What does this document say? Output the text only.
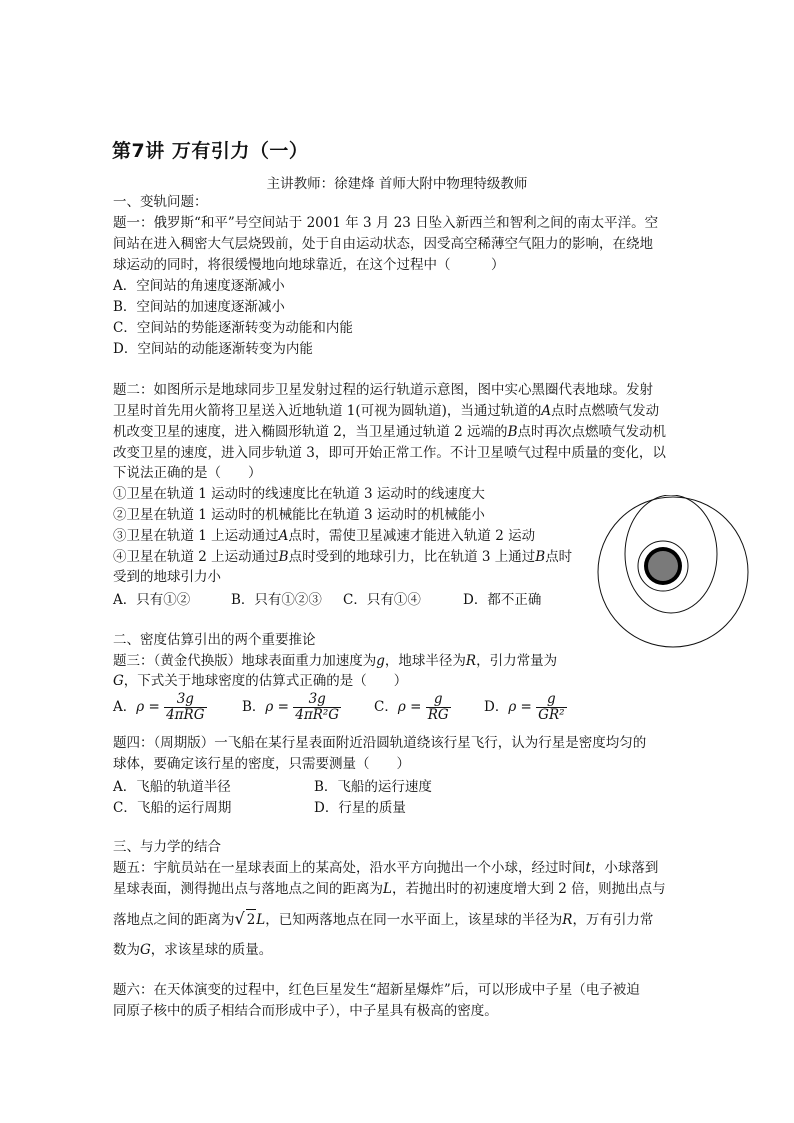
第7讲 万有引力（一）
主讲教师：徐建烽 首师大附中物理特级教师
一、变轨问题：
题一：俄罗斯“和平”号空间站于 2001 年 3 月 23 日坠入新西兰和智利之间的南太平洋。空
间站在进入稠密大气层烧毁前，处于自由运动状态，因受高空稀薄空气阻力的影响，在绕地
球运动的同时，将很缓慢地向地球靠近，在这个过程中（　　　）
A．空间站的角速度逐渐减小
B．空间站的加速度逐渐减小
C．空间站的势能逐渐转变为动能和内能
D．空间站的动能逐渐转变为内能
题二：如图所示是地球同步卫星发射过程的运行轨道示意图，图中实心黑圈代表地球。发射
卫星时首先用火箭将卫星送入近地轨道 1(可视为圆轨道)，当通过轨道的A点时点燃喷气发动
机改变卫星的速度，进入椭圆形轨道 2，当卫星通过轨道 2 远端的B点时再次点燃喷气发动机
改变卫星的速度，进入同步轨道 3，即可开始正常工作。不计卫星喷气过程中质量的变化，以
下说法正确的是（　　）
①卫星在轨道 1 运动时的线速度比在轨道 3 运动时的线速度大
②卫星在轨道 1 运动时的机械能比在轨道 3 运动时的机械能小
③卫星在轨道 1 上运动通过A点时，需使卫星减速才能进入轨道 2 运动
④卫星在轨道 2 上运动通过B点时受到的地球引力，比在轨道 3 上通过B点时
受到的地球引力小
A．只有①②	B．只有①②③ C．只有①④	D．都不正确
二、密度估算引出的两个重要推论
题三：（黄金代换版）地球表面重力加速度为g，地球半径为R，引力常量为
G，下式关于地球密度的估算式正确的是（　　）
A．$\rho = \frac{3g}{\text{4πRG}}$	B．$\rho = \frac{3g}{\text{4πR²G}}$ C．$\rho = \frac{g}{RG}$ D．$\rho = \frac{g}{\text{GR²}}$
题四：（周期版）一飞船在某行星表面附近沿圆轨道绕该行星飞行，认为行星是密度均匀的
球体，要确定该行星的密度，只需要测量（　　）
A．飞船的轨道半径	B．飞船的运行速度
C．飞船的运行周期	D．行星的质量
三、与力学的结合
题五：宇航员站在一星球表面上的某高处，沿水平方向抛出一个小球，经过时间t，小球落到
星球表面，测得抛出点与落地点之间的距离为L，若抛出时的初速度增大到 2 倍，则抛出点与
落地点之间的距离为√ 2L，已知两落地点在同一水平面上，该星球的半径为R，万有引力常
数为G，求该星球的质量。
题六：在天体演变的过程中，红色巨星发生“超新星爆炸”后，可以形成中子星（电子被迫
同原子核中的质子相结合而形成中子），中子星具有极高的密度。
